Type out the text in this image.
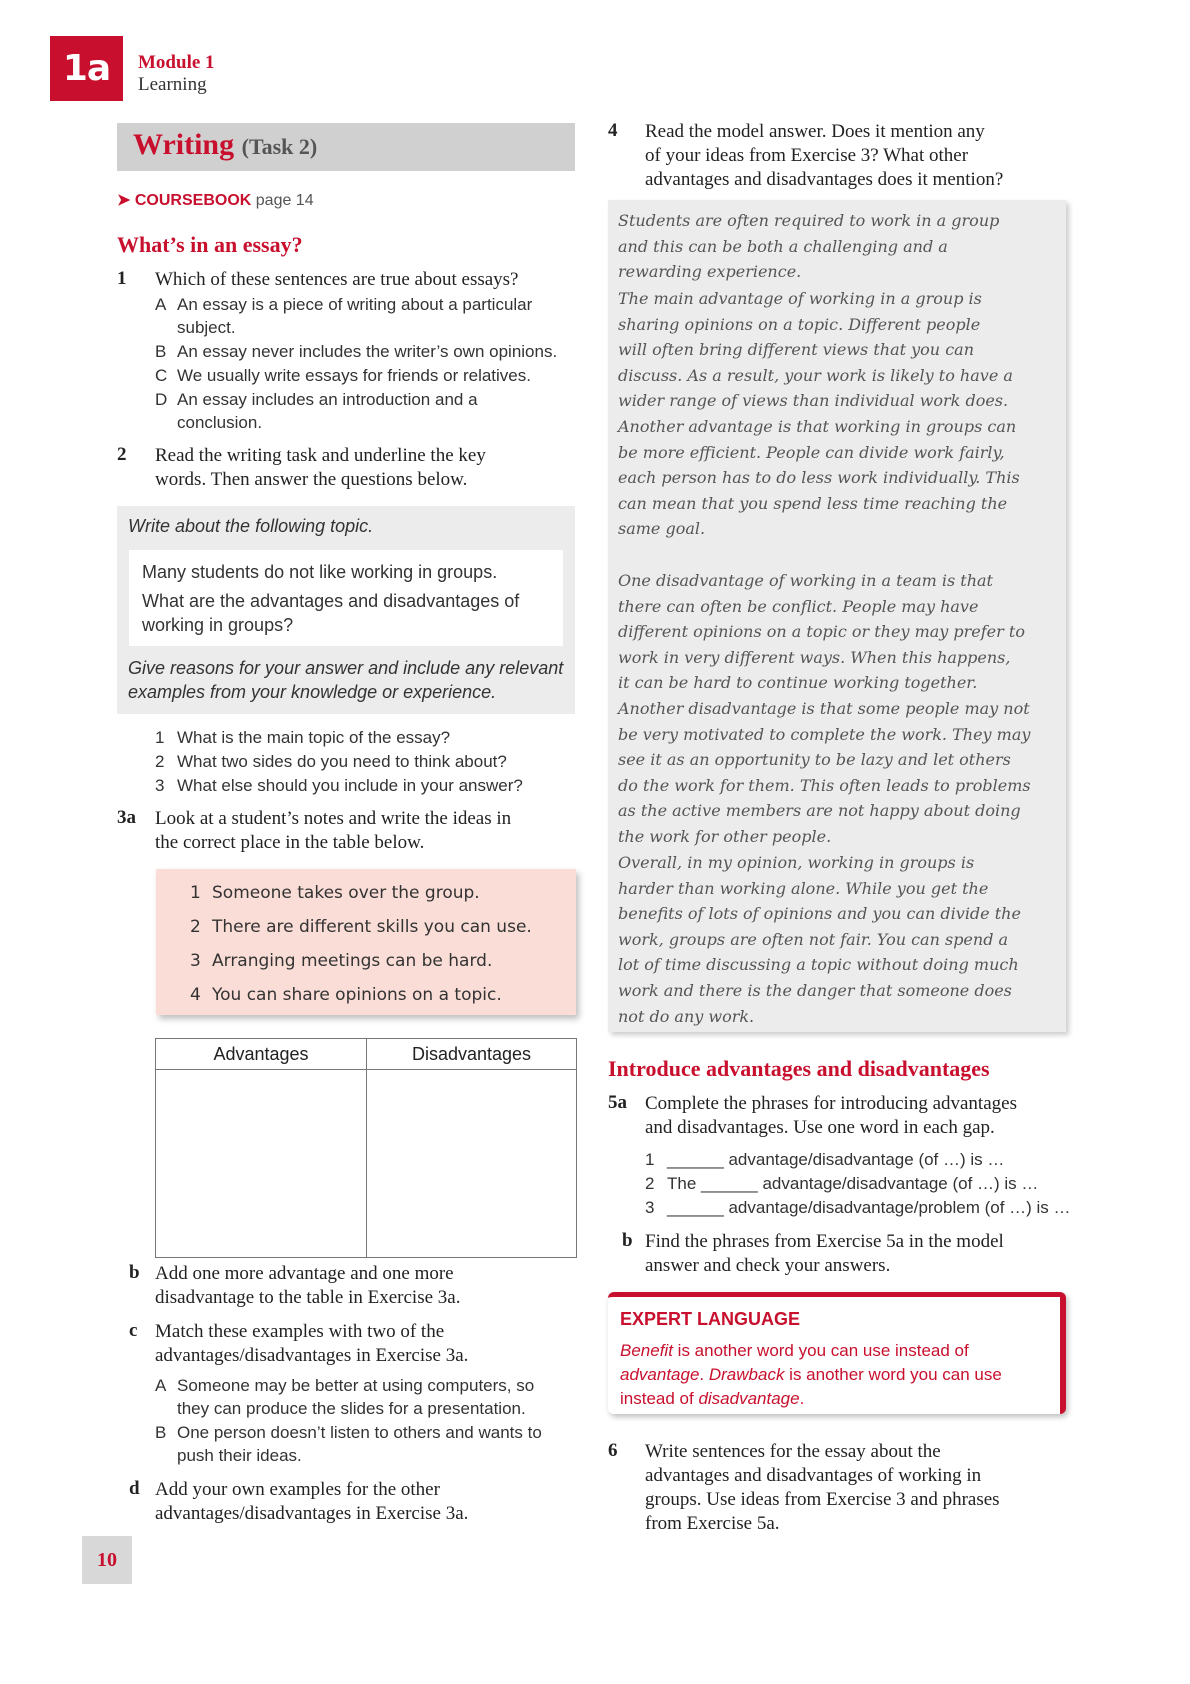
1a	Module 1
Learning
Writing (Task 2)
➤ COURSEBOOK page 14
What’s in an essay?
1 Which of these sentences are true about essays?
A An essay is a piece of writing about a particular
subject.
B An essay never includes the writer’s own opinions.
C We usually write essays for friends or relatives.
D An essay includes an introduction and a
conclusion.
2 Read the writing task and underline the key
words. Then answer the questions below.
Write about the following topic.

Many students do not like working in groups.

What are the advantages and disadvantages of

working in groups?

Give reasons for your answer and include any relevant
examples from your knowledge or experience.
1 What is the main topic of the essay?
2 What two sides do you need to think about?
3 What else should you include in your answer?
3a Look at a student’s notes and write the ideas in
the correct place in the table below.
1 Someone takes over the group.
2 There are different skills you can use.
3 Arranging meetings can be hard.
4 You can share opinions on a topic.
Advantages	Disadvantages
b Add one more advantage and one more
disadvantage to the table in Exercise 3a.
c Match these examples with two of the
advantages/disadvantages in Exercise 3a.
A Someone may be better at using computers, so
they can produce the slides for a presentation.
B One person doesn’t listen to others and wants to
push their ideas.
d Add your own examples for the other
advantages/disadvantages in Exercise 3a.
10
4 Read the model answer. Does it mention any
of your ideas from Exercise 3? What other
advantages and disadvantages does it mention?

Students are often required to work in a group
and this can be both a challenging and a
rewarding experience.

The main advantage of working in a group is
sharing opinions on a topic. Different people
will often bring different views that you can
discuss. As a result, your work is likely to have a
wider range of views than individual work does.
Another advantage is that working in groups can
be more efficient. People can divide work fairly,
each person has to do less work individually. This
can mean that you spend less time reaching the
same goal.

One disadvantage of working in a team is that
there can often be conflict. People may have
different opinions on a topic or they may prefer to
work in very different ways. When this happens,
it can be hard to continue working together.
Another disadvantage is that some people may not
be very motivated to complete the work. They may
see it as an opportunity to be lazy and let others
do the work for them. This often leads to problems
as the active members are not happy about doing
the work for other people.

Overall, in my opinion, working in groups is
harder than working alone. While you get the
benefits of lots of opinions and you can divide the
work, groups are often not fair. You can spend a
lot of time discussing a topic without doing much
work and there is the danger that someone does
not do any work.

Introduce advantages and disadvantages
5a Complete the phrases for introducing advantages
and disadvantages. Use one word in each gap.
1 ______ advantage/disadvantage (of …) is …
2 The ______ advantage/disadvantage (of …) is …
3 ______ advantage/disadvantage/problem (of …) is …
b Find the phrases from Exercise 5a in the model
answer and check your answers.
EXPERT LANGUAGE
Benefit is another word you can use instead of
advantage. Drawback is another word you can use
instead of disadvantage.
6 Write sentences for the essay about the
advantages and disadvantages of working in
groups. Use ideas from Exercise 3 and phrases
from Exercise 5a.
